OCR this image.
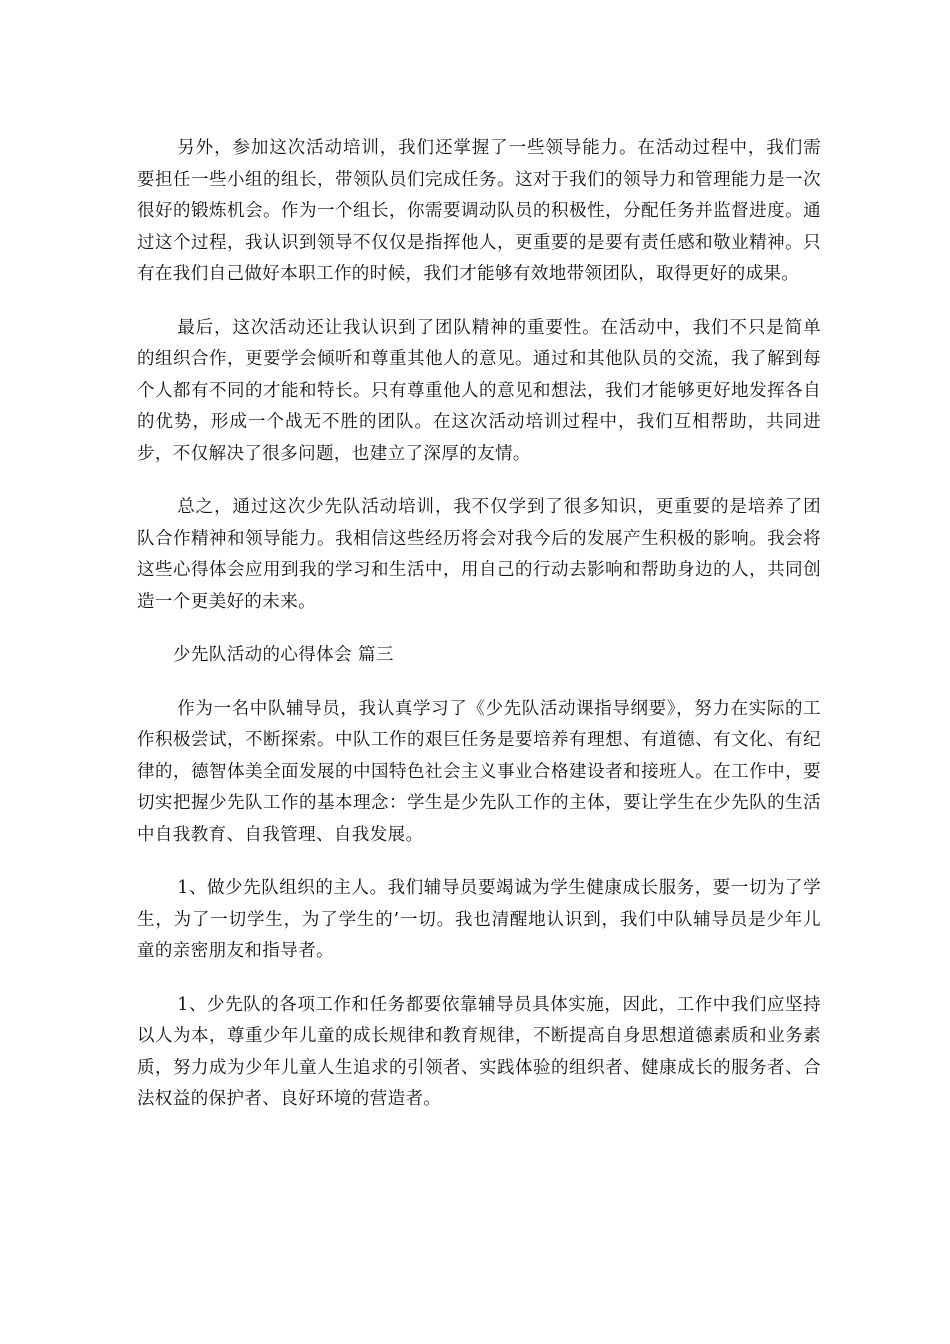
另外，参加这次活动培训，我们还掌握了一些领导能力。在活动过程中，我们需要担任一些小组的组长，带领队员们完成任务。这对于我们的领导力和管理能力是一次很好的锻炼机会。作为一个组长，你需要调动队员的积极性，分配任务并监督进度。通过这个过程，我认识到领导不仅仅是指挥他人，更重要的是要有责任感和敬业精神。只有在我们自己做好本职工作的时候，我们才能够有效地带领团队，取得更好的成果。

最后，这次活动还让我认识到了团队精神的重要性。在活动中，我们不只是简单的组织合作，更要学会倾听和尊重其他人的意见。通过和其他队员的交流，我了解到每个人都有不同的才能和特长。只有尊重他人的意见和想法，我们才能够更好地发挥各自的优势，形成一个战无不胜的团队。在这次活动培训过程中，我们互相帮助，共同进步，不仅解决了很多问题，也建立了深厚的友情。

总之，通过这次少先队活动培训，我不仅学到了很多知识，更重要的是培养了团队合作精神和领导能力。我相信这些经历将会对我今后的发展产生积极的影响。我会将这些心得体会应用到我的学习和生活中，用自己的行动去影响和帮助身边的人，共同创造一个更美好的未来。

少先队活动的心得体会 篇三

作为一名中队辅导员，我认真学习了《少先队活动课指导纲要》，努力在实际的工作积极尝试，不断探索。中队工作的艰巨任务是要培养有理想、有道德、有文化、有纪律的，德智体美全面发展的中国特色社会主义事业合格建设者和接班人。在工作中，要切实把握少先队工作的基本理念：学生是少先队工作的主体，要让学生在少先队的生活中自我教育、自我管理、自我发展。

1、做少先队组织的主人。我们辅导员要竭诚为学生健康成长服务，要一切为了学生，为了一切学生，为了学生的’一切。我也清醒地认识到，我们中队辅导员是少年儿童的亲密朋友和指导者。

1、少先队的各项工作和任务都要依靠辅导员具体实施，因此，工作中我们应坚持以人为本，尊重少年儿童的成长规律和教育规律，不断提高自身思想道德素质和业务素质，努力成为少年儿童人生追求的引领者、实践体验的组织者、健康成长的服务者、合法权益的保护者、良好环境的营造者。
